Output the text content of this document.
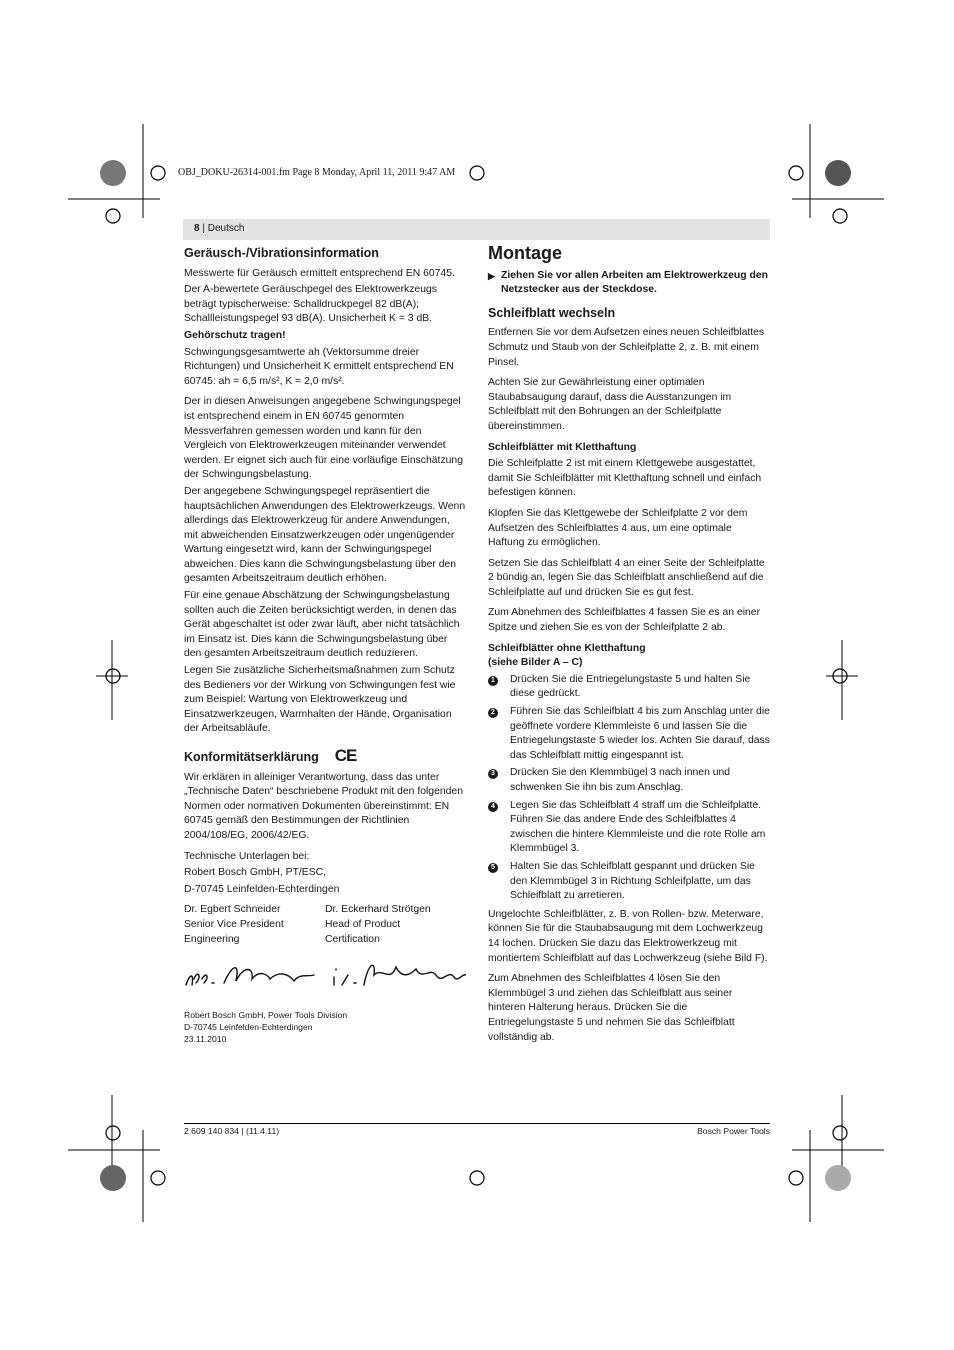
OBJ_DOKU-26314-001.fm Page 8 Monday, April 11, 2011 9:47 AM
8 | Deutsch
Geräusch-/Vibrationsinformation

Messwerte für Geräusch ermittelt entsprechend EN 60745.

Der A-bewertete Geräuschpegel des Elektrowerkzeugs beträgt typischerweise: Schalldruckpegel 82 dB(A); Schallleistungspegel 93 dB(A). Unsicherheit K = 3 dB.

Gehörschutz tragen!

Schwingungsgesamtwerte ah (Vektorsumme dreier Richtungen) und Unsicherheit K ermittelt entsprechend EN 60745: ah = 6,5 m/s², K = 2,0 m/s².

Der in diesen Anweisungen angegebene Schwingungspegel ist entsprechend einem in EN 60745 genormten Messverfahren gemessen worden und kann für den Vergleich von Elektrowerkzeugen miteinander verwendet werden. Er eignet sich auch für eine vorläufige Einschätzung der Schwingungsbelastung.

Der angegebene Schwingungspegel repräsentiert die hauptsächlichen Anwendungen des Elektrowerkzeugs. Wenn allerdings das Elektrowerkzeug für andere Anwendungen, mit abweichenden Einsatzwerkzeugen oder ungenügender Wartung eingesetzt wird, kann der Schwingungspegel abweichen. Dies kann die Schwingungsbelastung über den gesamten Arbeitszeitraum deutlich erhöhen.

Für eine genaue Abschätzung der Schwingungsbelastung sollten auch die Zeiten berücksichtigt werden, in denen das Gerät abgeschaltet ist oder zwar läuft, aber nicht tatsächlich im Einsatz ist. Dies kann die Schwingungsbelastung über den gesamten Arbeitszeitraum deutlich reduzieren.

Legen Sie zusätzliche Sicherheitsmaßnahmen zum Schutz des Bedieners vor der Wirkung von Schwingungen fest wie zum Beispiel: Wartung von Elektrowerkzeug und Einsatzwerkzeugen, Warmhalten der Hände, Organisation der Arbeitsabläufe.

Konformitätserklärung CE

Wir erklären in alleiniger Verantwortung, dass das unter „Technische Daten“ beschriebene Produkt mit den folgenden Normen oder normativen Dokumenten übereinstimmt: EN 60745 gemäß den Bestimmungen der Richtlinien 2004/108/EG, 2006/42/EG.

Technische Unterlagen bei:

Robert Bosch GmbH, PT/ESC,

D-70745 Leinfelden-Echterdingen

Dr. Egbert Schneider
Senior Vice President
Engineering
Dr. Eckerhard Strötgen
Head of Product
Certification
Robert Bosch GmbH, Power Tools Division
D-70745 Leinfelden-Echterdingen
23.11.2010
Montage
▶ Ziehen Sie vor allen Arbeiten am Elektrowerkzeug den Netzstecker aus der Steckdose.
Schleifblatt wechseln

Entfernen Sie vor dem Aufsetzen eines neuen Schleifblattes Schmutz und Staub von der Schleifplatte 2, z. B. mit einem Pinsel.

Achten Sie zur Gewährleistung einer optimalen Staubabsaugung darauf, dass die Ausstanzungen im Schleifblatt mit den Bohrungen an der Schleifplatte übereinstimmen.

Schleifblätter mit Kletthaftung

Die Schleifplatte 2 ist mit einem Klettgewebe ausgestattet, damit Sie Schleifblätter mit Kletthaftung schnell und einfach befestigen können.

Klopfen Sie das Klettgewebe der Schleifplatte 2 vor dem Aufsetzen des Schleifblattes 4 aus, um eine optimale Haftung zu ermöglichen.

Setzen Sie das Schleifblatt 4 an einer Seite der Schleifplatte 2 bündig an, legen Sie das Schleifblatt anschließend auf die Schleifplatte auf und drücken Sie es gut fest.

Zum Abnehmen des Schleifblattes 4 fassen Sie es an einer Spitze und ziehen Sie es von der Schleifplatte 2 ab.

Schleifblätter ohne Kletthaftung
(siehe Bilder A – C)
1	Drücken Sie die Entriegelungstaste 5 und halten Sie diese gedrückt.
2	Führen Sie das Schleifblatt 4 bis zum Anschlag unter die geöffnete vordere Klemmleiste 6 und lassen Sie die Entriegelungstaste 5 wieder los. Achten Sie darauf, dass das Schleifblatt mittig eingespannt ist.
3	Drücken Sie den Klemmbügel 3 nach innen und schwenken Sie ihn bis zum Anschlag.
4	Legen Sie das Schleifblatt 4 straff um die Schleifplatte. Führen Sie das andere Ende des Schleifblattes 4 zwischen die hintere Klemmleiste und die rote Rolle am Klemmbügel 3.
5	Halten Sie das Schleifblatt gespannt und drücken Sie den Klemmbügel 3 in Richtung Schleifplatte, um das Schleifblatt zu arretieren.

Ungelochte Schleifblätter, z. B. von Rollen- bzw. Meterware, können Sie für die Staubabsaugung mit dem Lochwerkzeug 14 lochen. Drücken Sie dazu das Elektrowerkzeug mit montiertem Schleifblatt auf das Lochwerkzeug (siehe Bild F).

Zum Abnehmen des Schleifblattes 4 lösen Sie den Klemmbügel 3 und ziehen das Schleifblatt aus seiner hinteren Halterung heraus. Drücken Sie die Entriegelungstaste 5 und nehmen Sie das Schleifblatt vollständig ab.

2 609 140 834 | (11.4.11)	Bosch Power Tools
